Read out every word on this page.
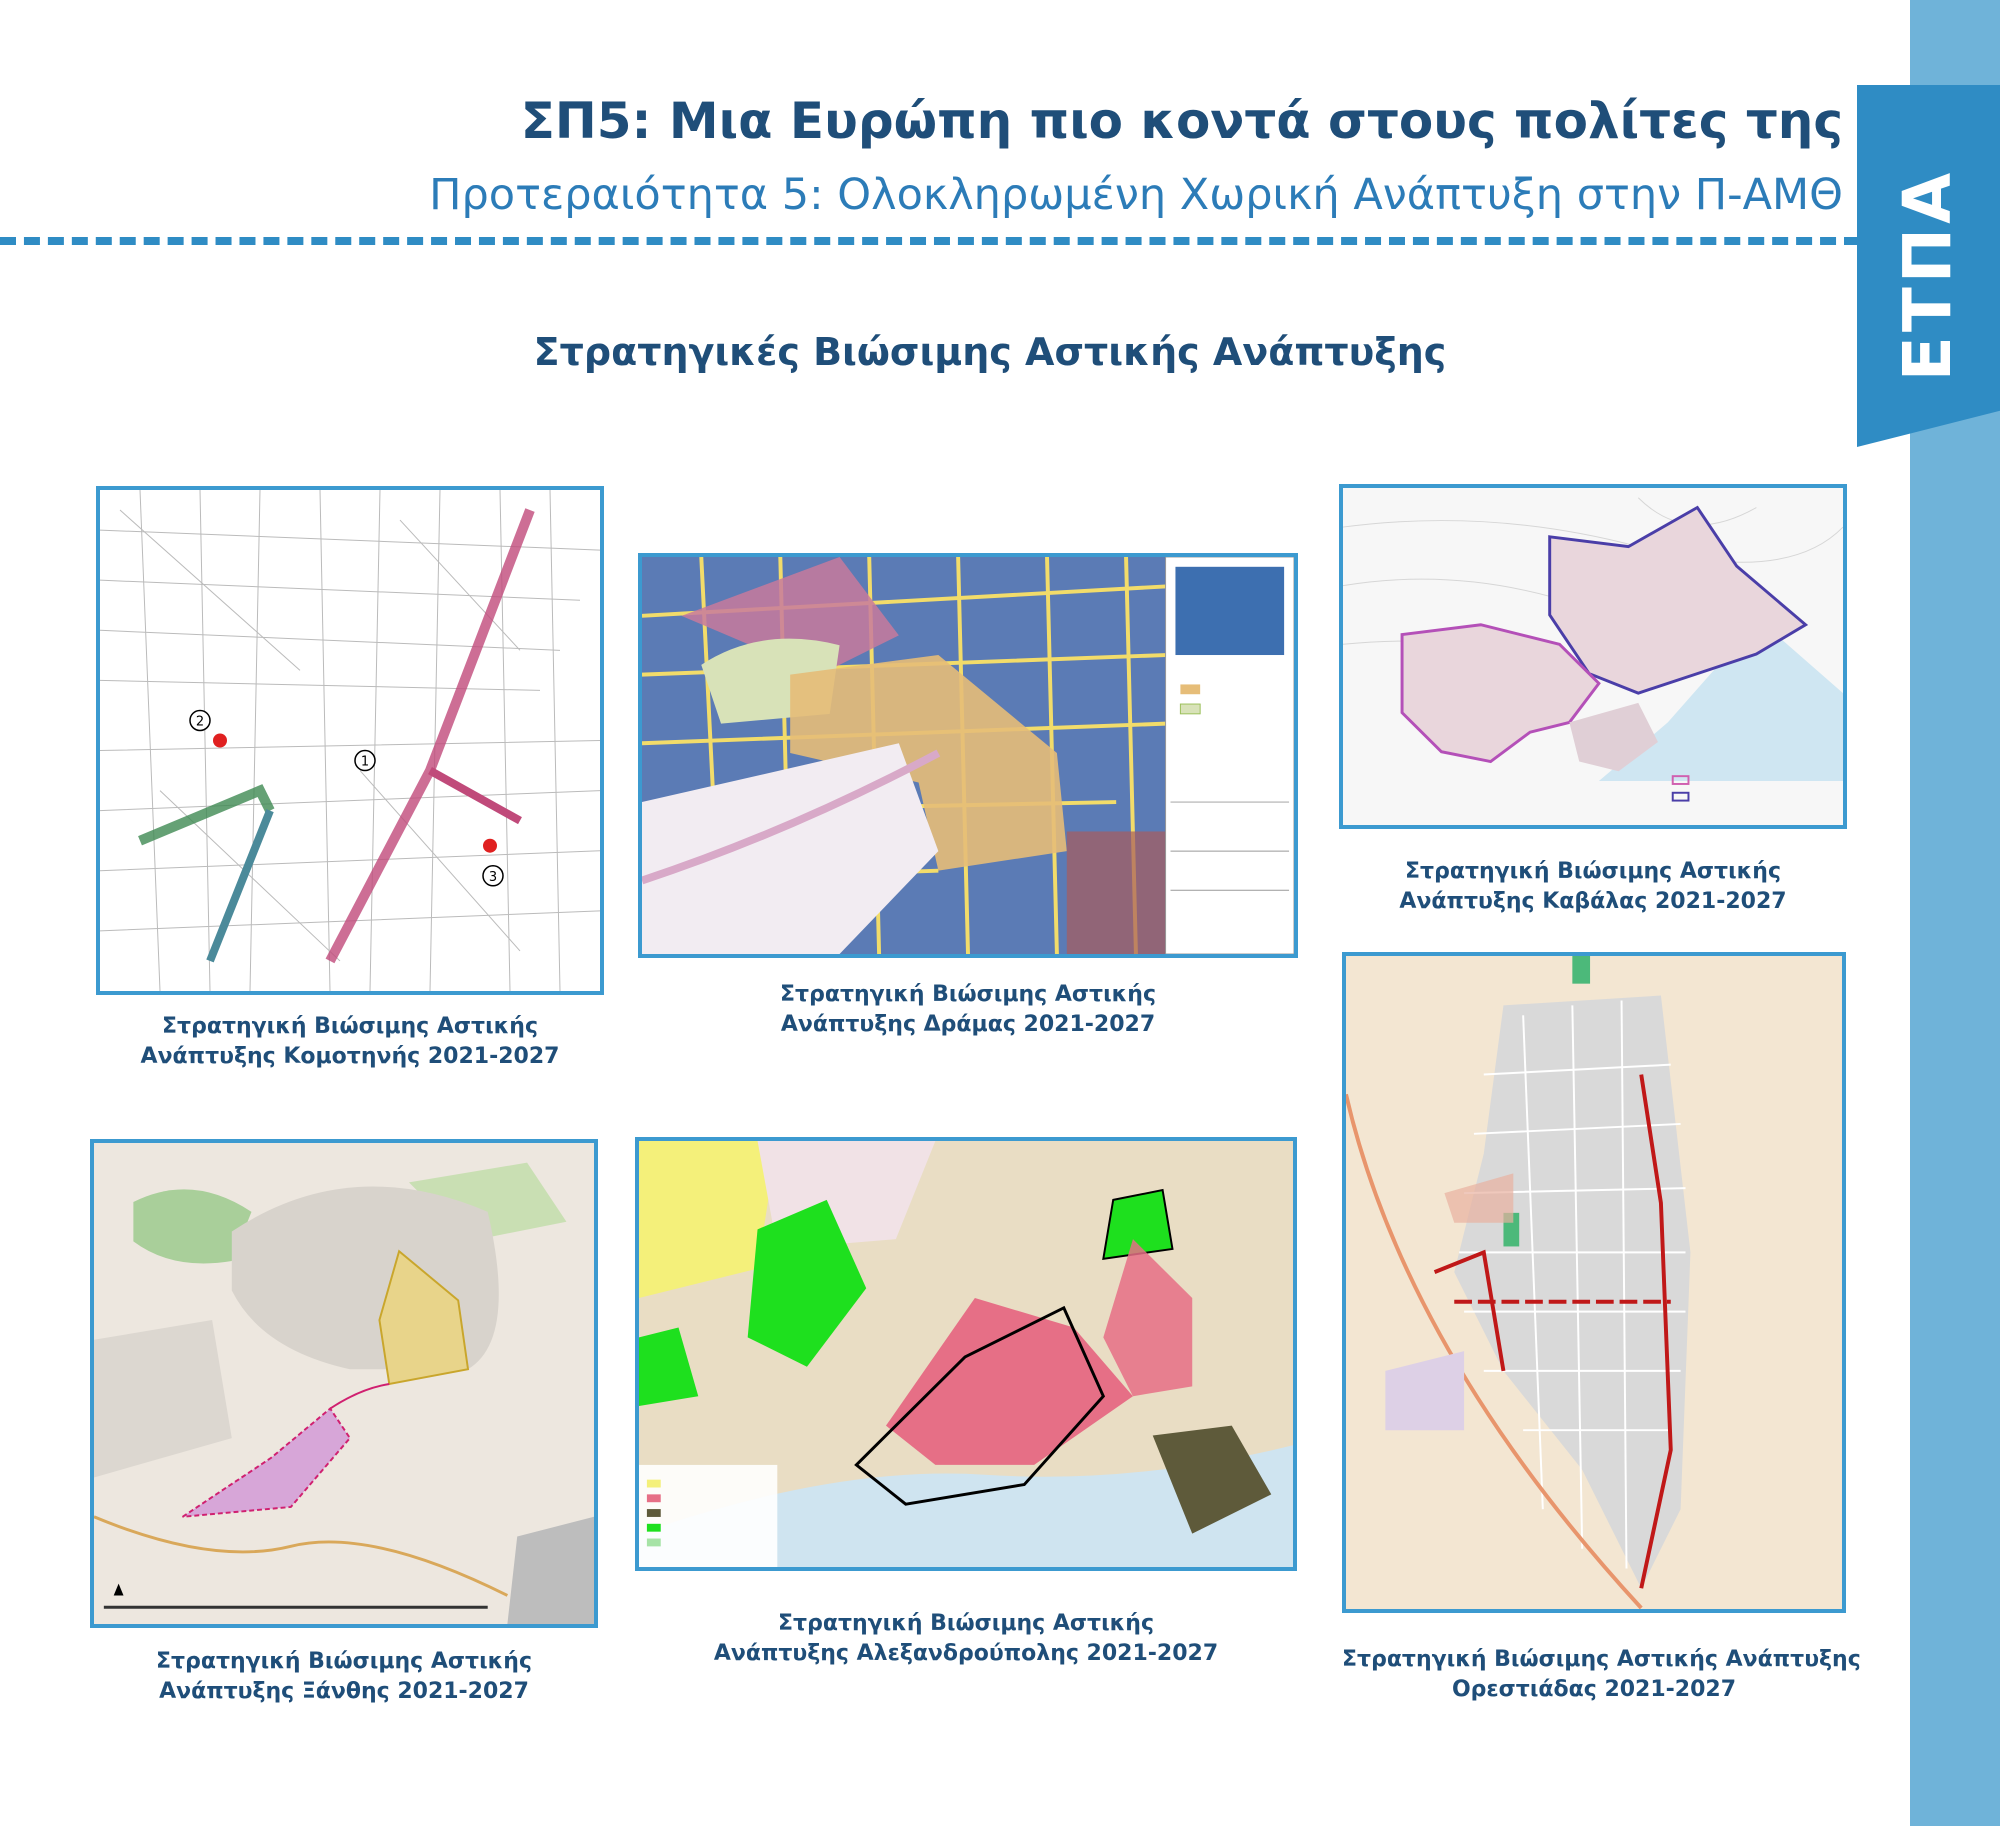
ΕΤΠΑ
ΣΠ5: Μια Ευρώπη πιο κοντά στους πολίτες της
Προτεραιότητα 5: Ολοκληρωμένη Χωρική Ανάπτυξη στην Π-ΑΜΘ
Στρατηγικές Βιώσιμης Αστικής Ανάπτυξης
2
1
3
Στρατηγική Βιώσιμης Αστικής
Ανάπτυξης Κομοτηνής 2021-2027
Στρατηγική Βιώσιμης Αστικής
Ανάπτυξης Δράμας 2021-2027
Στρατηγική Βιώσιμης Αστικής
Ανάπτυξης Καβάλας 2021-2027
Στρατηγική Βιώσιμης Αστικής
Ανάπτυξης Ξάνθης 2021-2027
Στρατηγική Βιώσιμης Αστικής
Ανάπτυξης Αλεξανδρούπολης 2021-2027	Στρατηγική Βιώσιμης Αστικής Ανάπτυξης
Ορεστιάδας 2021-2027
